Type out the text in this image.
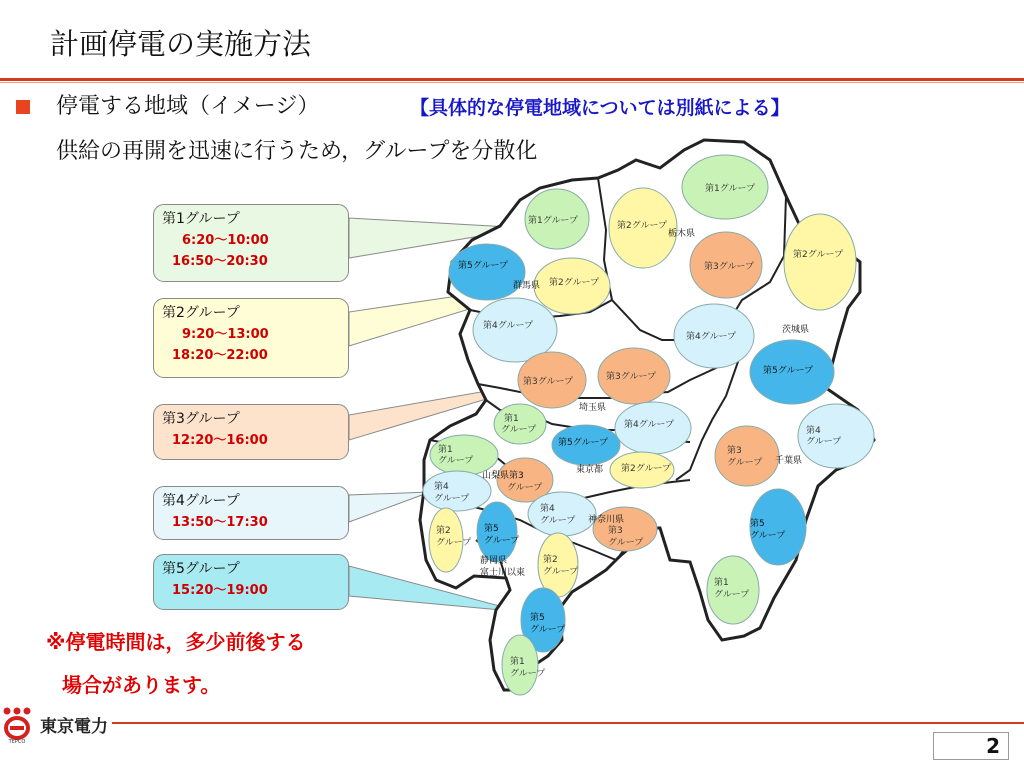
計画停電の実施方法
停電する地域（イメージ）	【具体的な停電地域については別紙による】
供給の再開を迅速に行うため，グループを分散化
第1グループ
第1グループ	第2グループ
第2グループ
第3グループ
第5グループ
第2グループ
第4グループ
第4グループ
第5グループ
第3グループ	第3グループ
第1
グループ	第4グループ
第5グループ
第4
グループ
第3
グループ
第1
グループ
第2グループ
グループ
第4
グループ
第4
グループ	第5
グループ
第3
グループ
第2
グループ
第5
グループ
第2
グループ
第1
グループ
第5
グループ
第1
グループ
栃木県
群馬県
茨城県
埼玉県
東京都
千葉県
山梨県第3
神奈川県
静岡県
富士川以東
第1グループ
6:20～10:00
16:50～20:30
第2グループ
9:20～13:00
18:20～22:00
第3グループ
12:20～16:00
第4グループ
13:50～17:30
第5グループ
15:20～19:00
※停電時間は，多少前後する
場合があります。
TEPCO
東京電力
2
